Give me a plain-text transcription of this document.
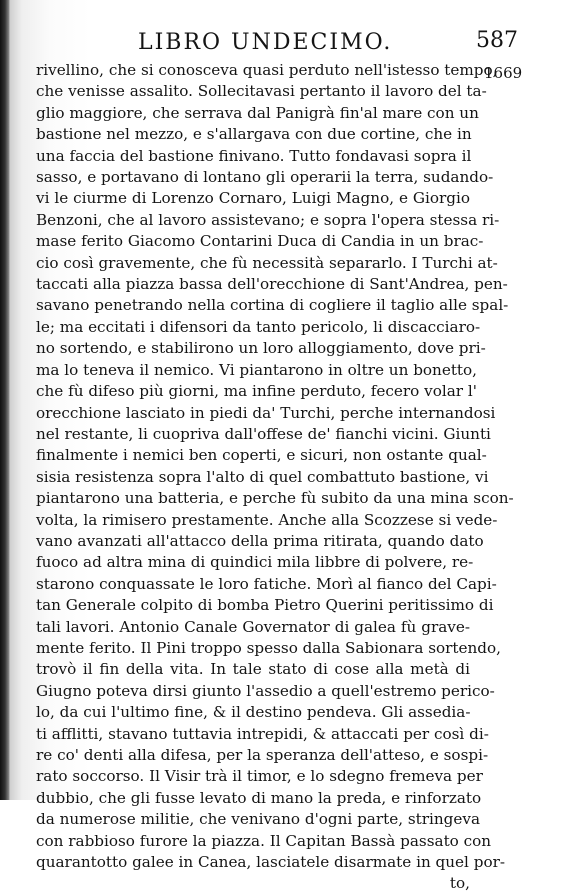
LIBRO UNDECIMO.	587
1669
rivellino, che si conosceva quasi perduto nell'istesso tempo,
che venisse assalito. Sollecitavasi pertanto il lavoro del ta-
glio maggiore, che serrava dal Panigrà fin'al mare con un
bastione nel mezzo, e s'allargava con due cortine, che in
una faccia del bastione finivano. Tutto fondavasi sopra il
sasso, e portavano di lontano gli operarii la terra, sudando-
vi le ciurme di Lorenzo Cornaro, Luigi Magno, e Giorgio
Benzoni, che al lavoro assistevano; e sopra l'opera stessa ri-
mase ferito Giacomo Contarini Duca di Candia in un brac-
cio così gravemente, che fù necessità separarlo. I Turchi at-
taccati alla piazza bassa dell'orecchione di Sant'Andrea, pen-
savano penetrando nella cortina di cogliere il taglio alle spal-
le; ma eccitati i difensori da tanto pericolo, li discacciaro-
no sortendo, e stabilirono un loro alloggiamento, dove pri-
ma lo teneva il nemico. Vi piantarono in oltre un bonetto,
che fù difeso più giorni, ma infine perduto, fecero volar l'
orecchione lasciato in piedi da' Turchi, perche internandosi
nel restante, li cuopriva dall'offese de' fianchi vicini. Giunti
finalmente i nemici ben coperti, e sicuri, non ostante qual-
sisia resistenza sopra l'alto di quel combattuto bastione, vi
piantarono una batteria, e perche fù subito da una mina scon-
volta, la rimisero prestamente. Anche alla Scozzese si vede-
vano avanzati all'attacco della prima ritirata, quando dato
fuoco ad altra mina di quindici mila libbre di polvere, re-
starono conquassate le loro fatiche. Morì al fianco del Capi-
tan Generale colpito di bomba Pietro Querini peritissimo di
tali lavori. Antonio Canale Governator di galea fù grave-
mente ferito. Il Pini troppo spesso dalla Sabionara sortendo,
trovò il fin della vita. In tale stato di cose alla metà di
Giugno poteva dirsi giunto l'assedio a quell'estremo perico-
lo, da cui l'ultimo fine, & il destino pendeva. Gli assedia-
ti afflitti, stavano tuttavia intrepidi, & attaccati per così di-
re co' denti alla difesa, per la speranza dell'atteso, e sospi-
rato soccorso. Il Visir trà il timor, e lo sdegno fremeva per
dubbio, che gli fusse levato di mano la preda, e rinforzato
da numerose militie, che venivano d'ogni parte, stringeva
con rabbioso furore la piazza. Il Capitan Bassà passato con
quarantotto galee in Canea, lasciatele disarmate in quel por-
to,
